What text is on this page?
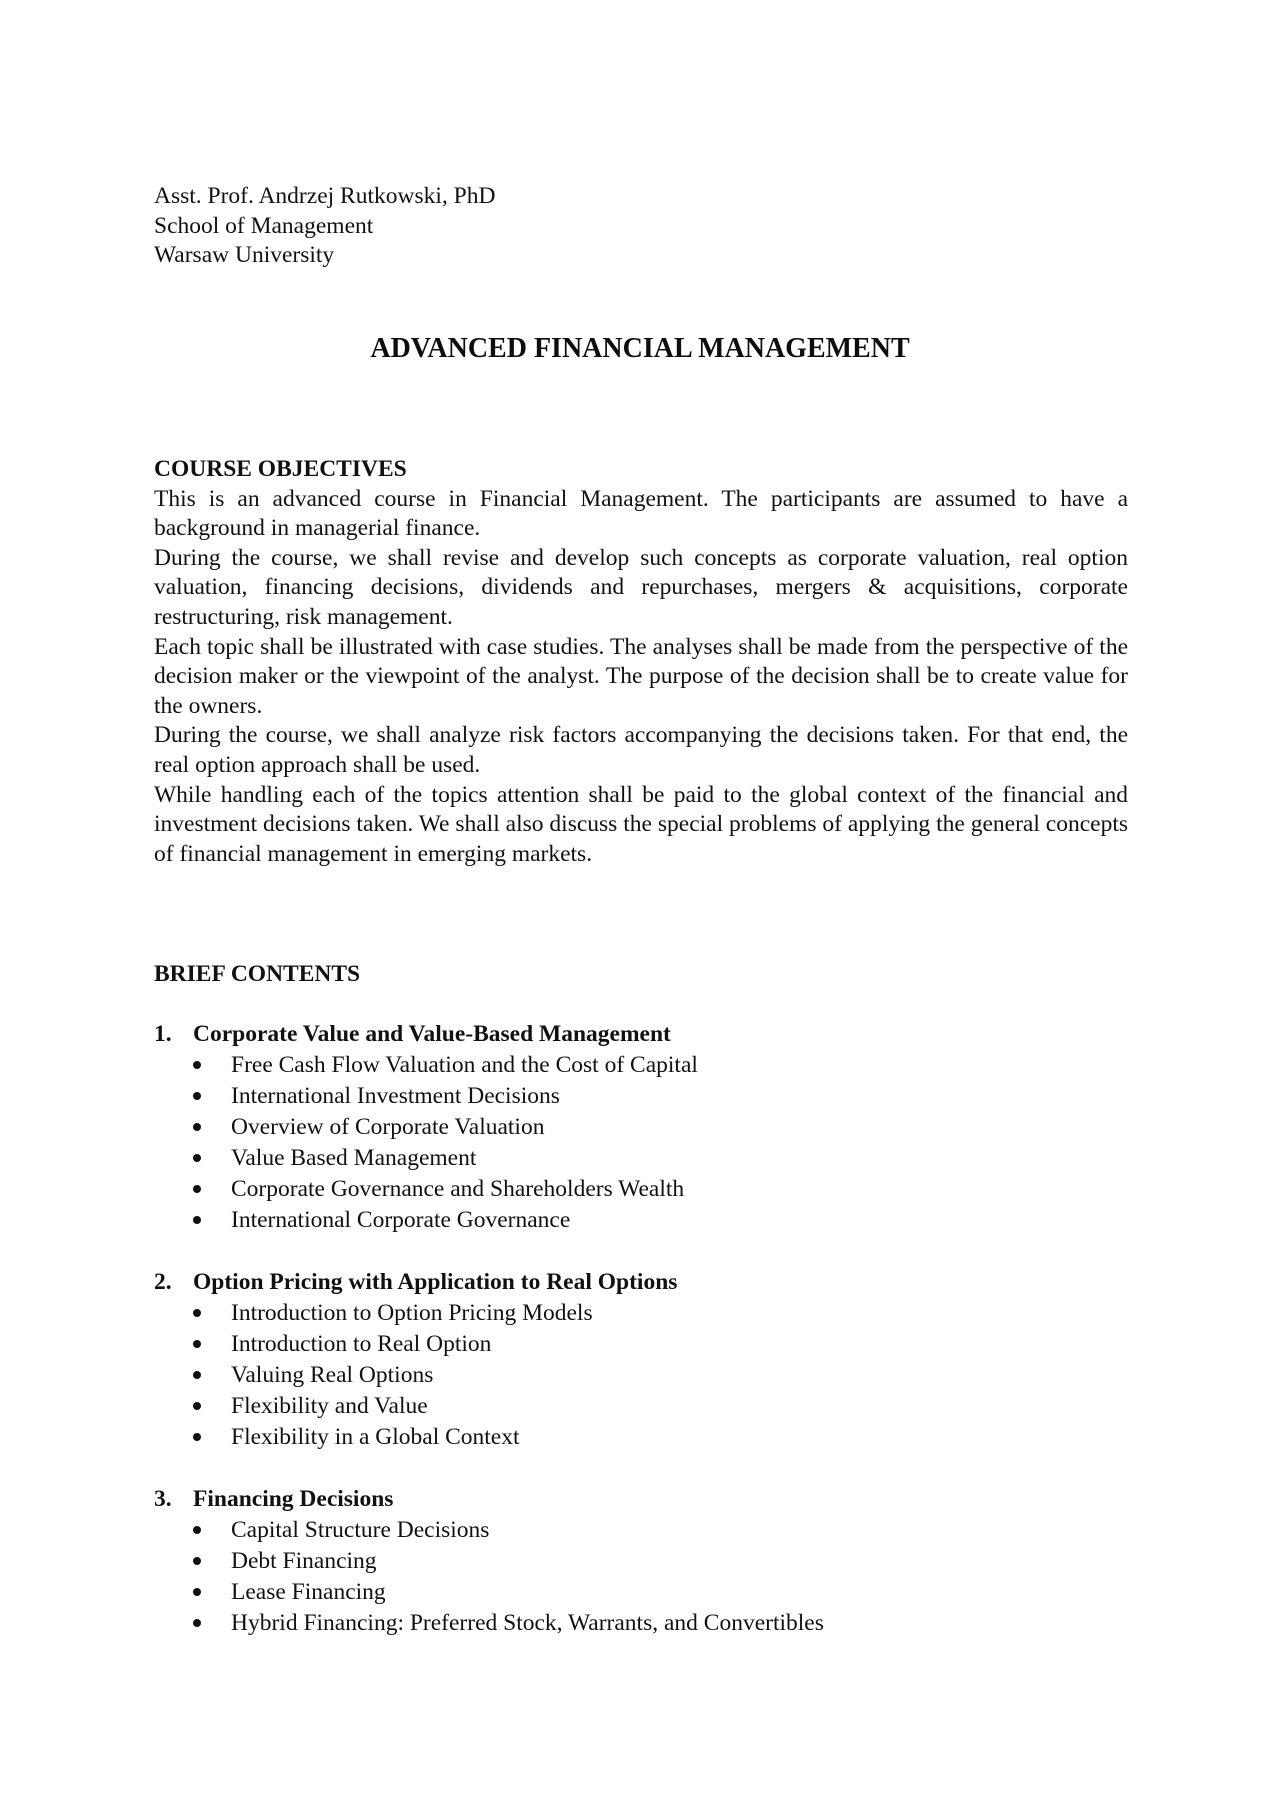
Asst. Prof. Andrzej Rutkowski, PhD
School of Management
Warsaw University
ADVANCED FINANCIAL MANAGEMENT
COURSE OBJECTIVES

This is an advanced course in Financial Management. The participants are assumed to have a background in managerial finance.

During the course, we shall revise and develop such concepts as corporate valuation, real option valuation, financing decisions, dividends and repurchases, mergers & acquisitions, corporate restructuring, risk management.

Each topic shall be illustrated with case studies. The analyses shall be made from the perspective of the decision maker or the viewpoint of the analyst. The purpose of the decision shall be to create value for the owners.

During the course, we shall analyze risk factors accompanying the decisions taken. For that end, the real option approach shall be used.

While handling each of the topics attention shall be paid to the global context of the financial and investment decisions taken. We shall also discuss the special problems of applying the general concepts of financial management in emerging markets.

BRIEF CONTENTS
1. Corporate Value and Value-Based Management
Free Cash Flow Valuation and the Cost of Capital
International Investment Decisions
Overview of Corporate Valuation
Value Based Management
Corporate Governance and Shareholders Wealth
International Corporate Governance
2. Option Pricing with Application to Real Options
Introduction to Option Pricing Models
Introduction to Real Option
Valuing Real Options
Flexibility and Value
Flexibility in a Global Context
3. Financing Decisions
Capital Structure Decisions
Debt Financing
Lease Financing
Hybrid Financing: Preferred Stock, Warrants, and Convertibles
